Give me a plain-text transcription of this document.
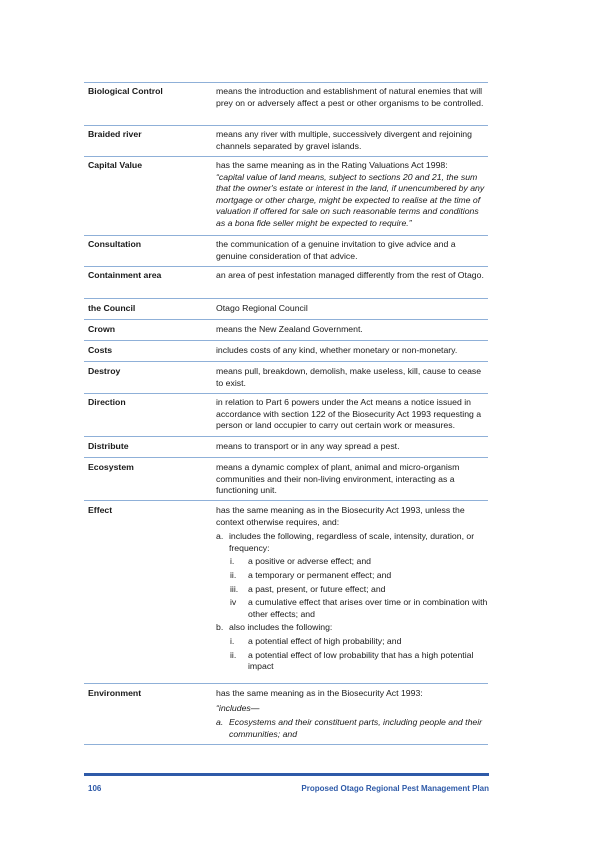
Biological Control	means the introduction and establishment of natural enemies that will prey on or adversely affect a pest or other organisms to be controlled.
Braided river	means any river with multiple, successively divergent and rejoining channels separated by gravel islands.
Capital Value	has the same meaning as in the Rating Valuations Act 1998:
“capital value of land means, subject to sections 20 and 21, the sum that the owner's estate or interest in the land, if unencumbered by any mortgage or other charge, might be expected to realise at the time of valuation if offered for sale on such reasonable terms and conditions as a bona fide seller might be expected to require.”
Consultation	the communication of a genuine invitation to give advice and a genuine consideration of that advice.
Containment area	an area of pest infestation managed differently from the rest of Otago.
the Council	Otago Regional Council
Crown	means the New Zealand Government.
Costs	includes costs of any kind, whether monetary or non-monetary.
Destroy	means pull, breakdown, demolish, make useless, kill, cause to cease to exist.
Direction	in relation to Part 6 powers under the Act means a notice issued in accordance with section 122 of the Biosecurity Act 1993 requesting a person or land occupier to carry out certain work or measures.
Distribute	means to transport or in any way spread a pest.
Ecosystem	means a dynamic complex of plant, animal and micro-organism communities and their non-living environment, interacting as a functioning unit.
Effect	has the same meaning as in the Biosecurity Act 1993, unless the context otherwise requires, and:
a. includes the following, regardless of scale, intensity, duration, or frequency:
i. a positive or adverse effect; and
ii. a temporary or permanent effect; and
iii. a past, present, or future effect; and
iv a cumulative effect that arises over time or in combination with other effects; and
b. also includes the following:
i. a potential effect of high probability; and
ii. a potential effect of low probability that has a high potential impact
Environment	has the same meaning as in the Biosecurity Act 1993:
“includes—
a. Ecosystems and their constituent parts, including people and their communities; and
106	Proposed Otago Regional Pest Management Plan
